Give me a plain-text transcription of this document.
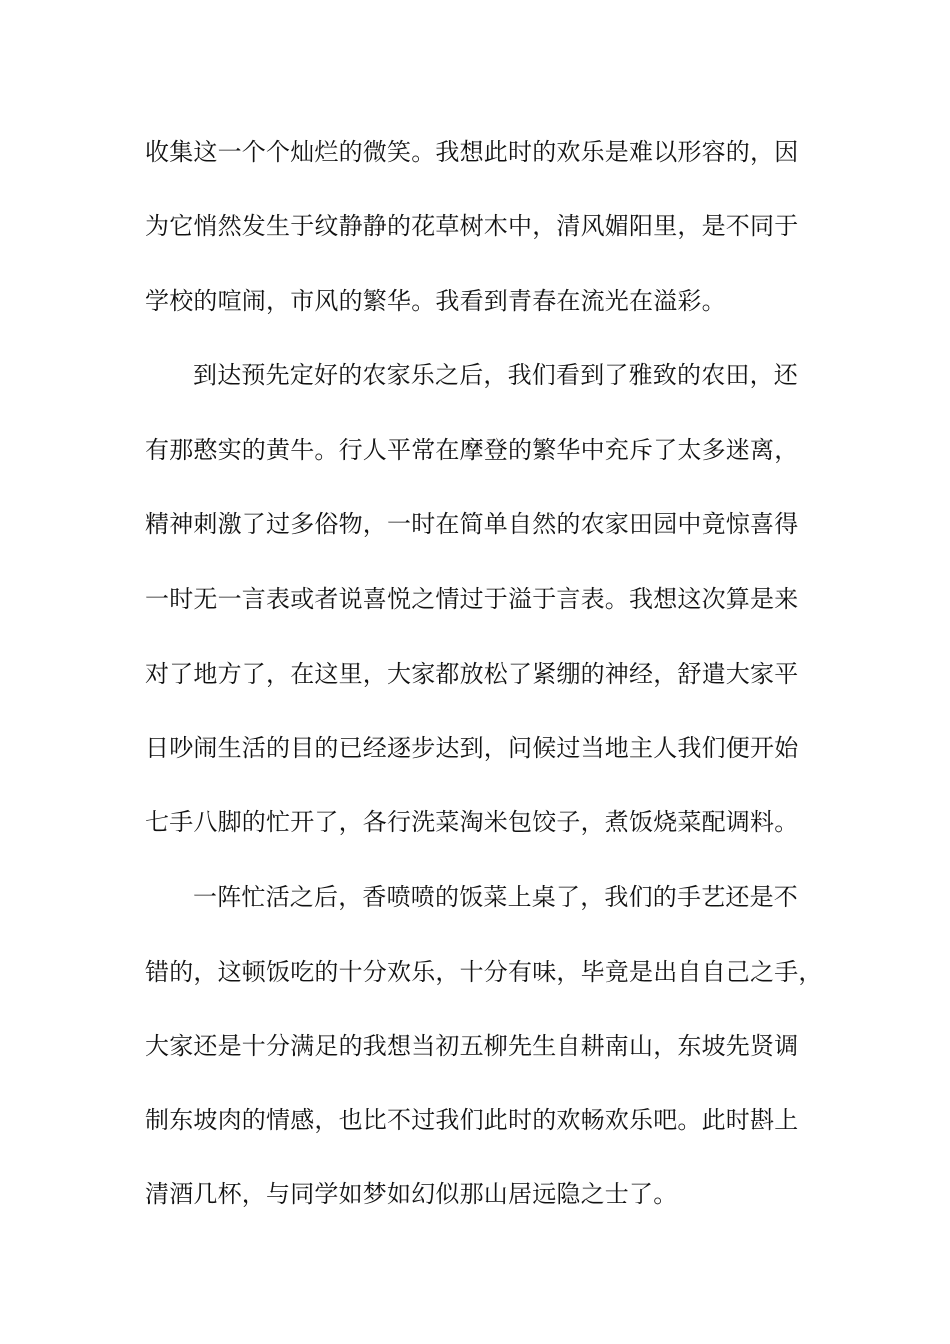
收集这一个个灿烂的微笑。我想此时的欢乐是难以形容的，因
为它悄然发生于纹静静的花草树木中，清风媚阳里，是不同于
学校的喧闹，市风的繁华。我看到青春在流光在溢彩。
到达预先定好的农家乐之后，我们看到了雅致的农田，还
有那憨实的黄牛。行人平常在摩登的繁华中充斥了太多迷离，
精神刺激了过多俗物，一时在简单自然的农家田园中竟惊喜得
一时无一言表或者说喜悦之情过于溢于言表。我想这次算是来
对了地方了，在这里，大家都放松了紧绷的神经，舒遣大家平
日吵闹生活的目的已经逐步达到，问候过当地主人我们便开始
七手八脚的忙开了，各行洗菜淘米包饺子，煮饭烧菜配调料。
一阵忙活之后，香喷喷的饭菜上桌了，我们的手艺还是不
错的，这顿饭吃的十分欢乐，十分有味，毕竟是出自自己之手，
大家还是十分满足的我想当初五柳先生自耕南山，东坡先贤调
制东坡肉的情感，也比不过我们此时的欢畅欢乐吧。此时斟上
清酒几杯，与同学如梦如幻似那山居远隐之士了。
